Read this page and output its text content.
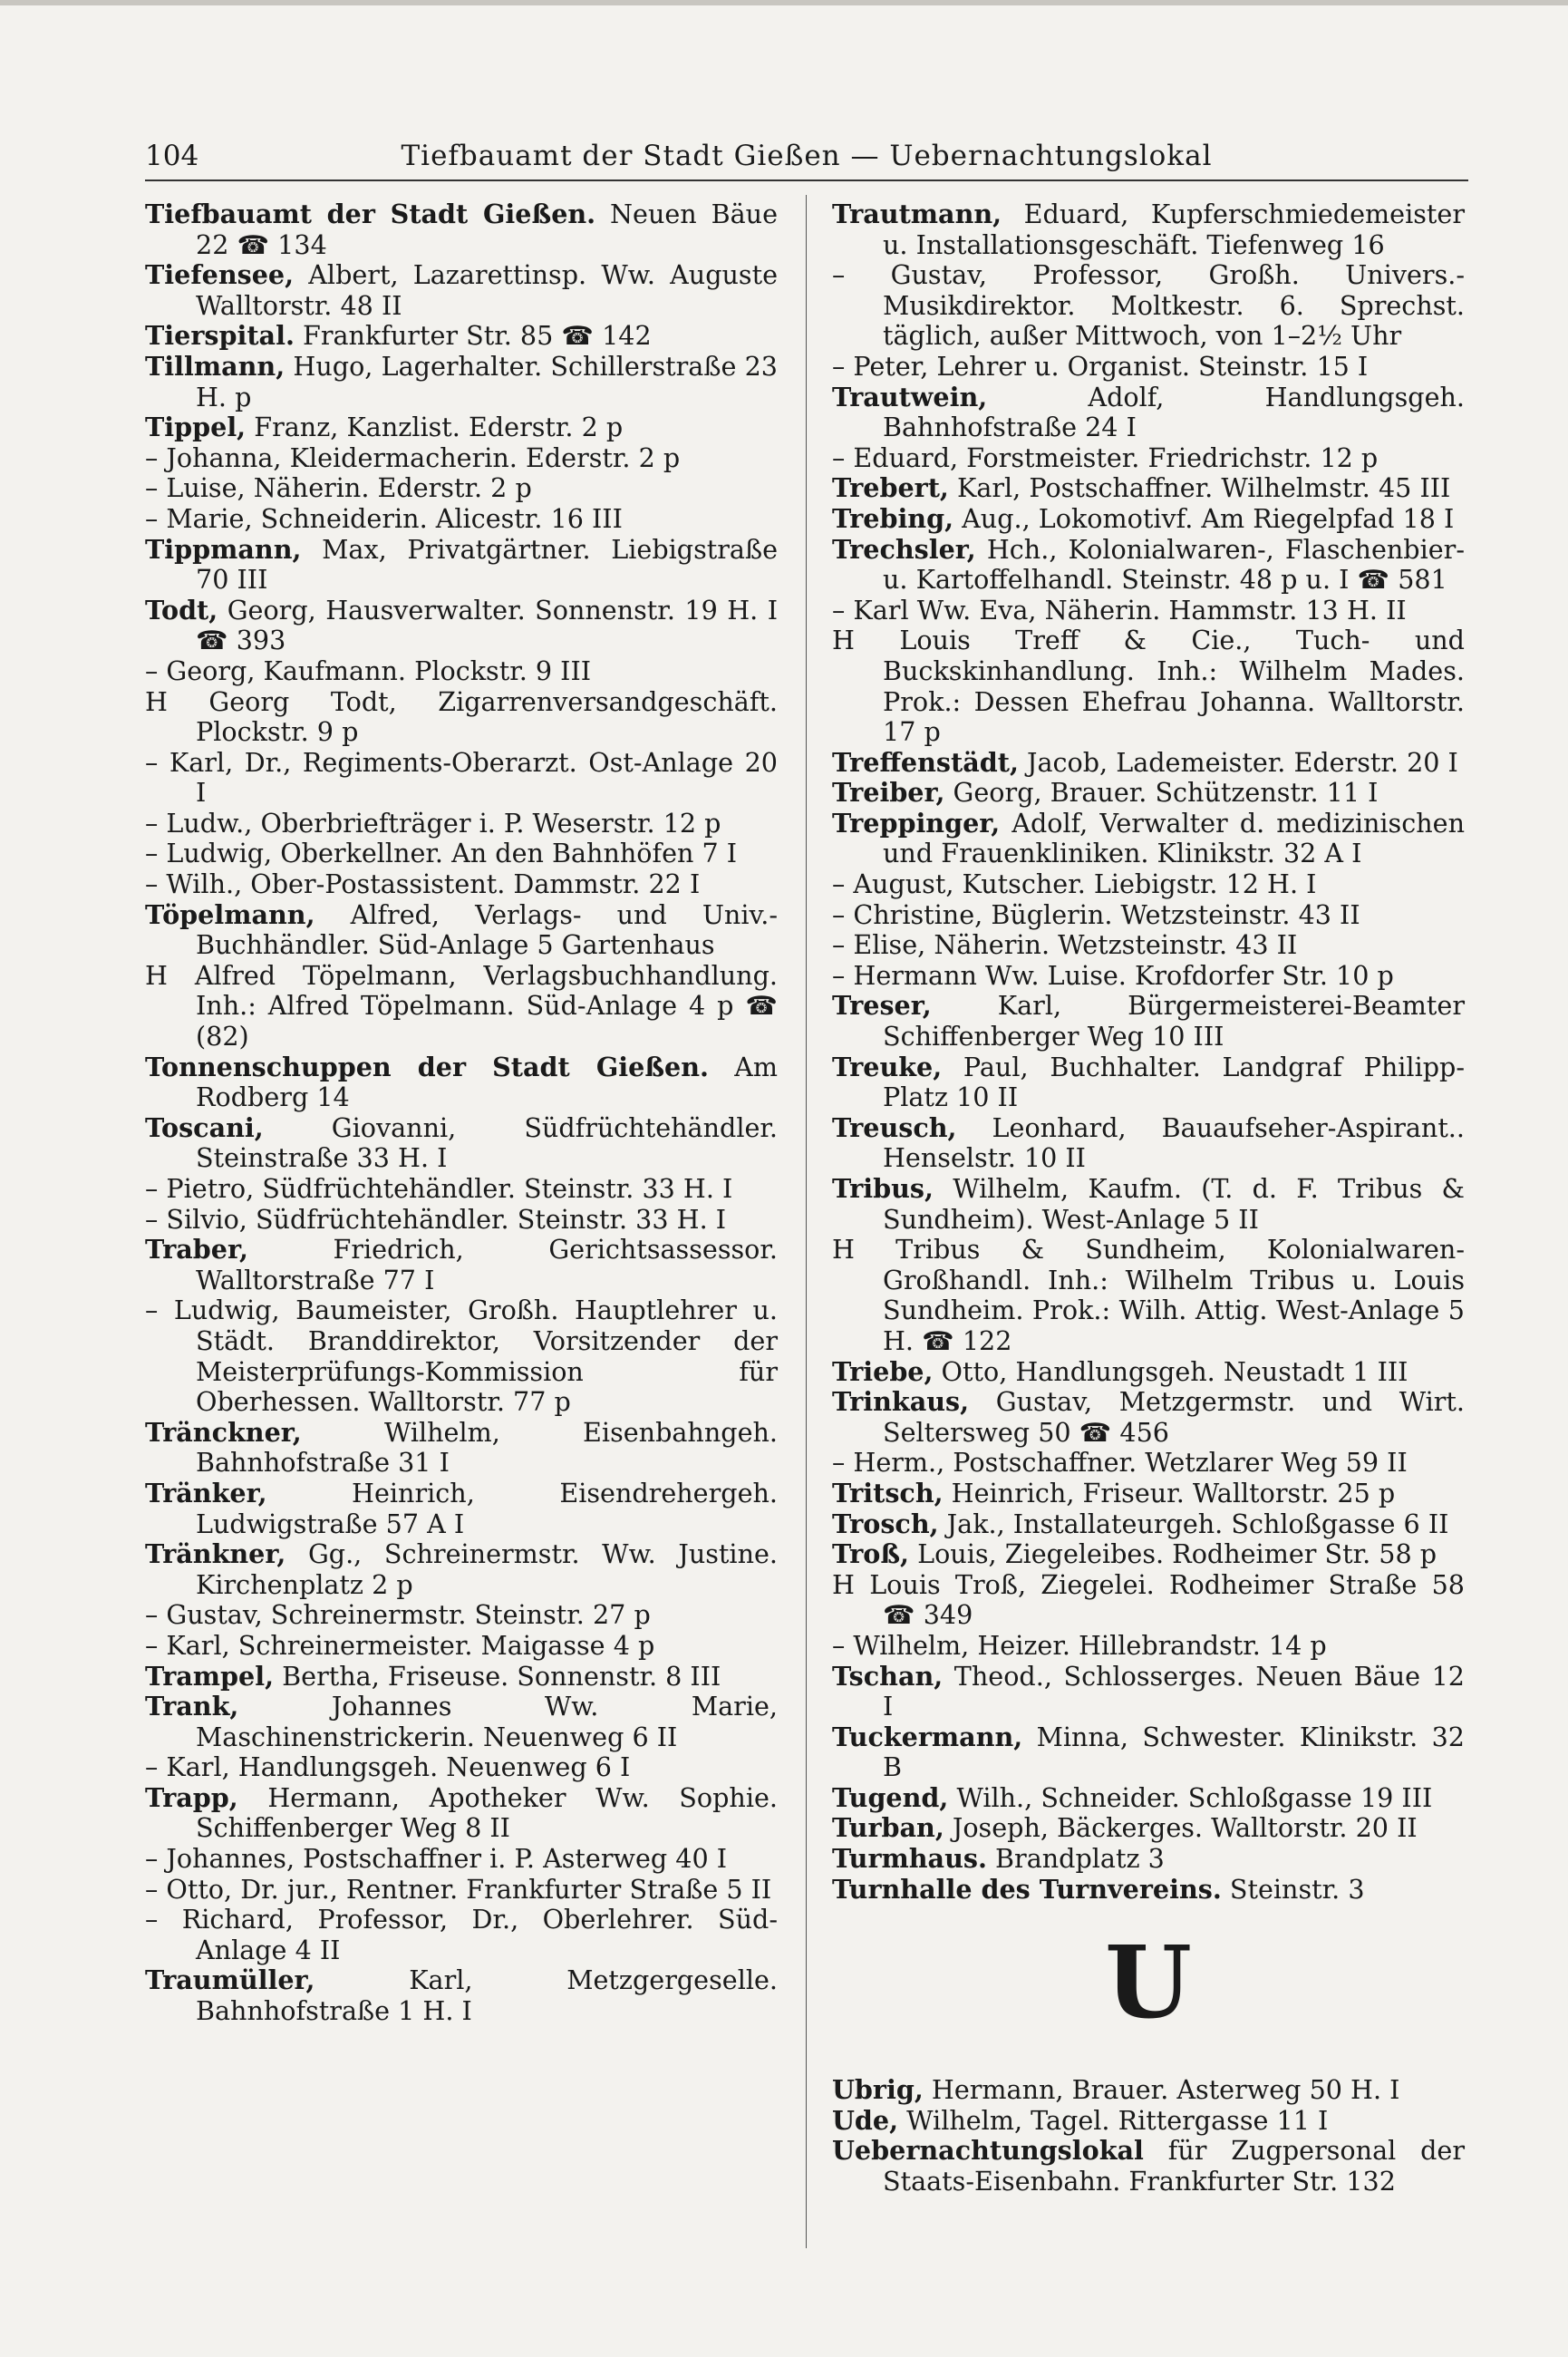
104	Tiefbauamt der Stadt Gießen — Uebernachtungslokal

Tiefbauamt der Stadt Gießen. Neuen Bäue 22 ☎ 134

Tiefensee, Albert, Lazarettinsp. Ww. Auguste Walltorstr. 48 II

Tierspital. Frankfurter Str. 85 ☎ 142

Tillmann, Hugo, Lagerhalter. Schillerstraße 23 H. p

Tippel, Franz, Kanzlist. Ederstr. 2 p

– Johanna, Kleidermacherin. Ederstr. 2 p

– Luise, Näherin. Ederstr. 2 p

– Marie, Schneiderin. Alicestr. 16 III

Tippmann, Max, Privatgärtner. Liebigstraße 70 III

Todt, Georg, Hausverwalter. Sonnenstr. 19 H. I ☎ 393

– Georg, Kaufmann. Plockstr. 9 III

H Georg Todt, Zigarrenversandgeschäft. Plockstr. 9 p

– Karl, Dr., Regiments-Oberarzt. Ost-Anlage 20 I

– Ludw., Oberbriefträger i. P. Weserstr. 12 p

– Ludwig, Oberkellner. An den Bahnhöfen 7 I

– Wilh., Ober-Postassistent. Dammstr. 22 I

Töpelmann, Alfred, Verlags- und Univ.-Buchhändler. Süd-Anlage 5 Gartenhaus

H Alfred Töpelmann, Verlagsbuchhandlung. Inh.: Alfred Töpelmann. Süd-Anlage 4 p ☎ (82)

Tonnenschuppen der Stadt Gießen. Am Rodberg 14

Toscani, Giovanni, Südfrüchtehändler. Steinstraße 33 H. I

– Pietro, Südfrüchtehändler. Steinstr. 33 H. I

– Silvio, Südfrüchtehändler. Steinstr. 33 H. I

Traber, Friedrich, Gerichtsassessor. Walltorstraße 77 I

– Ludwig, Baumeister, Großh. Hauptlehrer u. Städt. Branddirektor, Vorsitzender der Meisterprüfungs-Kommission für Oberhessen. Walltorstr. 77 p

Tränckner, Wilhelm, Eisenbahngeh. Bahnhofstraße 31 I

Tränker, Heinrich, Eisendrehergeh. Ludwigstraße 57 A I

Tränkner, Gg., Schreinermstr. Ww. Justine. Kirchenplatz 2 p

– Gustav, Schreinermstr. Steinstr. 27 p

– Karl, Schreinermeister. Maigasse 4 p

Trampel, Bertha, Friseuse. Sonnenstr. 8 III

Trank, Johannes Ww. Marie, Maschinenstrickerin. Neuenweg 6 II

– Karl, Handlungsgeh. Neuenweg 6 I

Trapp, Hermann, Apotheker Ww. Sophie. Schiffenberger Weg 8 II

– Johannes, Postschaffner i. P. Asterweg 40 I

– Otto, Dr. jur., Rentner. Frankfurter Straße 5 II

– Richard, Professor, Dr., Oberlehrer. Süd-Anlage 4 II

Traumüller, Karl, Metzgergeselle. Bahnhofstraße 1 H. I

Trautmann, Eduard, Kupferschmiedemeister u. Installationsgeschäft. Tiefenweg 16

– Gustav, Professor, Großh. Univers.-Musikdirektor. Moltkestr. 6. Sprechst. täglich, außer Mittwoch, von 1–2½ Uhr

– Peter, Lehrer u. Organist. Steinstr. 15 I

Trautwein, Adolf, Handlungsgeh. Bahnhofstraße 24 I

– Eduard, Forstmeister. Friedrichstr. 12 p

Trebert, Karl, Postschaffner. Wilhelmstr. 45 III

Trebing, Aug., Lokomotivf. Am Riegelpfad 18 I

Trechsler, Hch., Kolonialwaren-, Flaschenbier- u. Kartoffelhandl. Steinstr. 48 p u. I ☎ 581

– Karl Ww. Eva, Näherin. Hammstr. 13 H. II

H Louis Treff & Cie., Tuch- und Buckskinhandlung. Inh.: Wilhelm Mades. Prok.: Dessen Ehefrau Johanna. Walltorstr. 17 p

Treffenstädt, Jacob, Lademeister. Ederstr. 20 I

Treiber, Georg, Brauer. Schützenstr. 11 I

Treppinger, Adolf, Verwalter d. medizinischen und Frauenkliniken. Klinikstr. 32 A I

– August, Kutscher. Liebigstr. 12 H. I

– Christine, Büglerin. Wetzsteinstr. 43 II

– Elise, Näherin. Wetzsteinstr. 43 II

– Hermann Ww. Luise. Krofdorfer Str. 10 p

Treser, Karl, Bürgermeisterei-Beamter Schiffenberger Weg 10 III

Treuke, Paul, Buchhalter. Landgraf Philipp-Platz 10 II

Treusch, Leonhard, Bauaufseher-Aspirant.. Henselstr. 10 II

Tribus, Wilhelm, Kaufm. (T. d. F. Tribus & Sundheim). West-Anlage 5 II

H Tribus & Sundheim, Kolonialwaren-Großhandl. Inh.: Wilhelm Tribus u. Louis Sundheim. Prok.: Wilh. Attig. West-Anlage 5 H. ☎ 122

Triebe, Otto, Handlungsgeh. Neustadt 1 III

Trinkaus, Gustav, Metzgermstr. und Wirt. Seltersweg 50 ☎ 456

– Herm., Postschaffner. Wetzlarer Weg 59 II

Tritsch, Heinrich, Friseur. Walltorstr. 25 p

Trosch, Jak., Installateurgeh. Schloßgasse 6 II

Troß, Louis, Ziegeleibes. Rodheimer Str. 58 p

H Louis Troß, Ziegelei. Rodheimer Straße 58 ☎ 349

– Wilhelm, Heizer. Hillebrandstr. 14 p

Tschan, Theod., Schlosserges. Neuen Bäue 12 I

Tuckermann, Minna, Schwester. Klinikstr. 32 B

Tugend, Wilh., Schneider. Schloßgasse 19 III

Turban, Joseph, Bäckerges. Walltorstr. 20 II

Turmhaus. Brandplatz 3

Turnhalle des Turnvereins. Steinstr. 3

U

Ubrig, Hermann, Brauer. Asterweg 50 H. I

Ude, Wilhelm, Tagel. Rittergasse 11 I

Uebernachtungslokal für Zugpersonal der Staats-Eisenbahn. Frankfurter Str. 132
